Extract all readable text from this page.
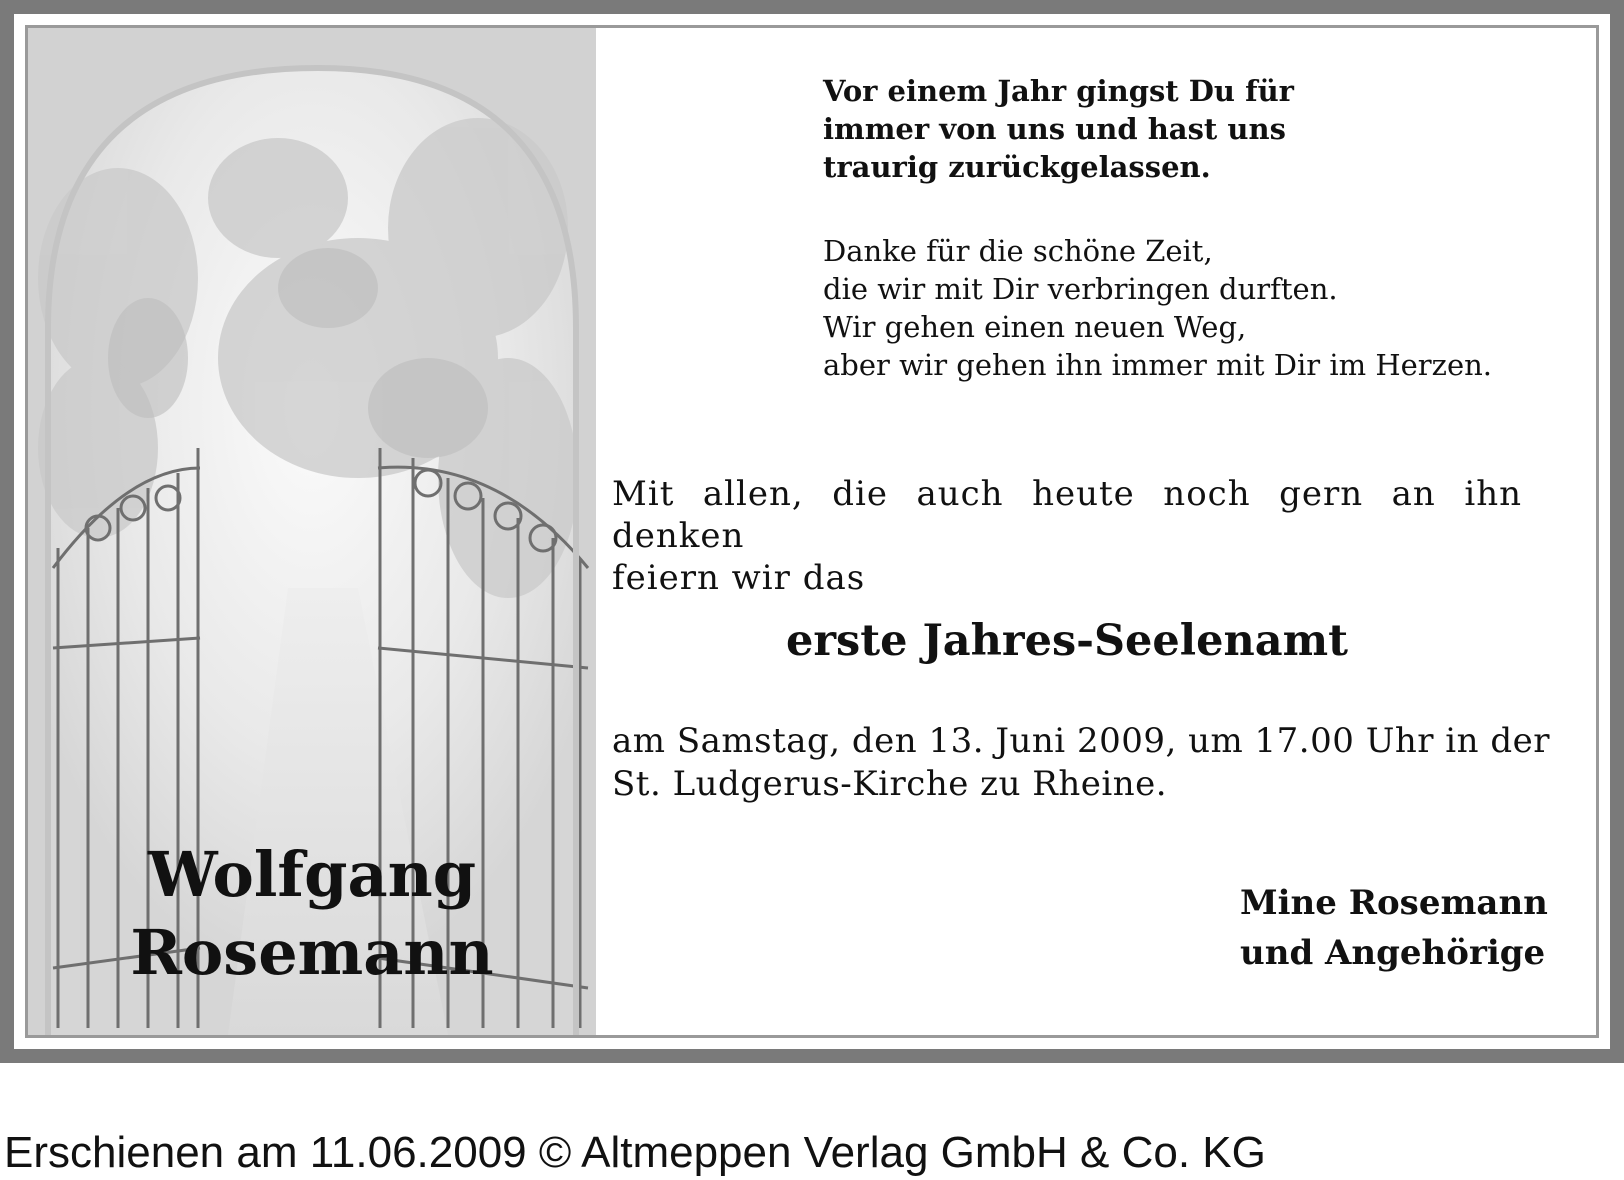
Wolfgang
Rosemann
Vor einem Jahr gingst Du für
immer von uns und hast uns
traurig zurückgelassen.
Danke für die schöne Zeit,
die wir mit Dir verbringen durften.
Wir gehen einen neuen Weg,
aber wir gehen ihn immer mit Dir im Herzen.
Mit allen, die auch heute noch gern an ihn denken
feiern wir das
erste Jahres-Seelenamt
am Samstag, den 13. Juni 2009, um 17.00 Uhr in der
St. Ludgerus-Kirche zu Rheine.
Mine Rosemann
und Angehörige
Erschienen am 11.06.2009 © Altmeppen Verlag GmbH & Co. KG
